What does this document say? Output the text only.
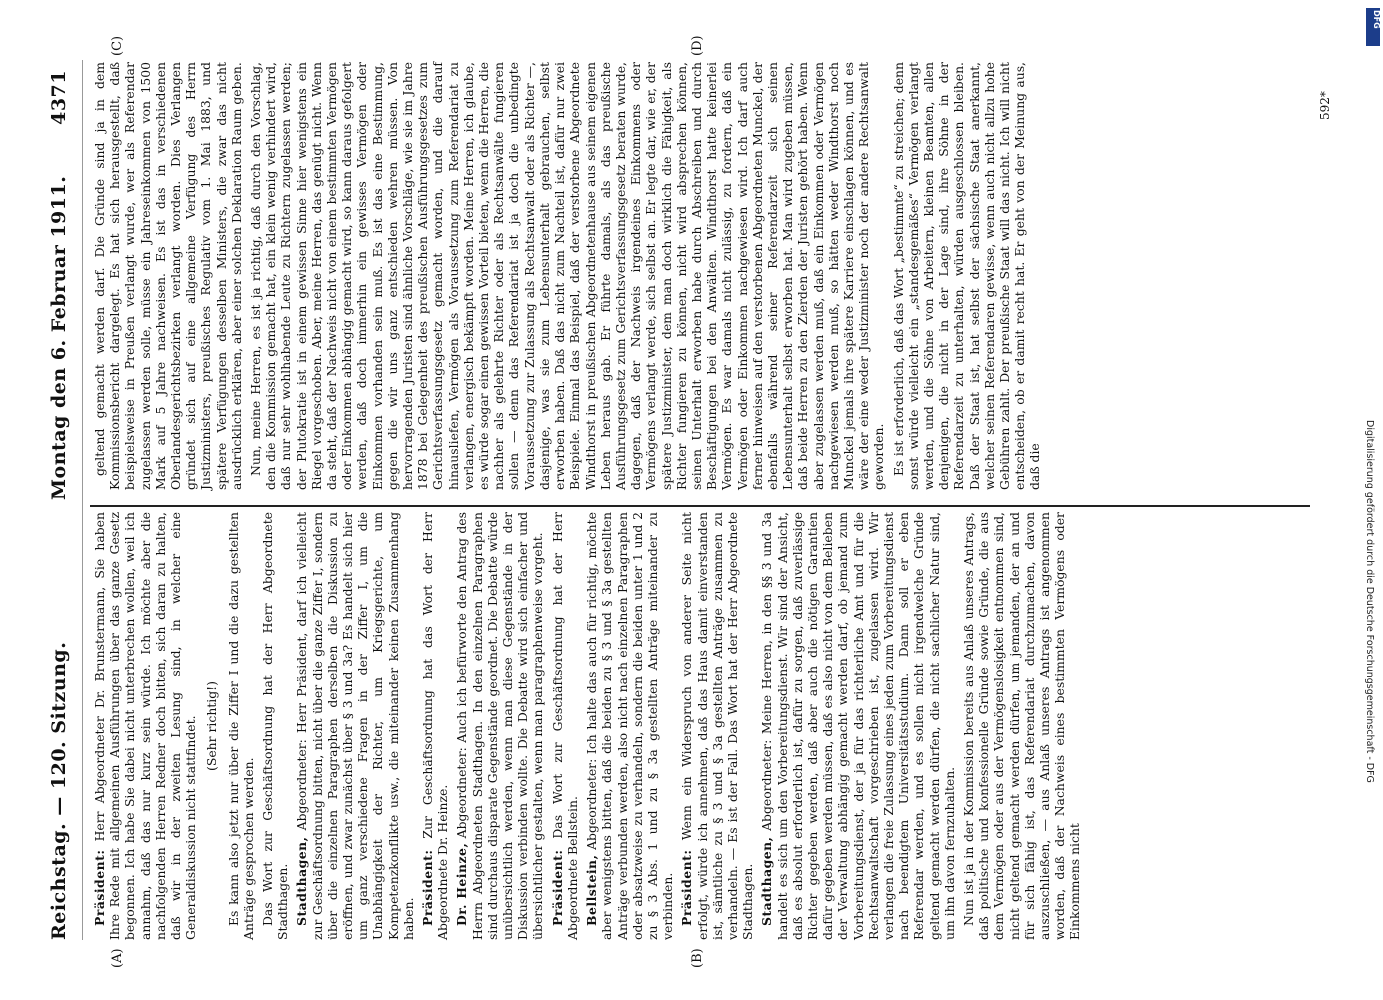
Reichstag. — 120. Sitzung.
Montag den 6. Februar 1911.
4371
(A)	(B)
(C)	(D)

Präsident: Herr Abgeordneter Dr. Brunstermann, Sie haben Ihre Rede mit allgemeinen Ausführungen über das ganze Gesetz begonnen. Ich habe Sie dabei nicht unterbrechen wollen, weil ich annahm, daß das nur kurz sein würde. Ich möchte aber die nachfolgenden Herren Redner doch bitten, sich daran zu halten, daß wir in der zweiten Lesung sind, in welcher eine Generaldiskussion nicht stattfindet. (Sehr richtig!) Es kann also jetzt nur über die Ziffer I und die dazu gestellten Anträge gesprochen werden. Das Wort zur Geschäftsordnung hat der Herr Abgeordnete Stadthagen. Stadthagen, Abgeordneter: Herr Präsident, darf ich vielleicht zur Geschäftsordnung bitten, nicht über die ganze Ziffer I, sondern über die einzelnen Paragraphen derselben die Diskussion zu eröffnen, und zwar zunächst über § 3 und 3a? Es handelt sich hier um ganz verschiedene Fragen in der Ziffer I, um die Unabhängigkeit der Richter, um Kriegsgerichte, um Kompetenzkonflikte usw., die miteinander keinen Zusammenhang haben. Präsident: Zur Geschäftsordnung hat das Wort der Herr Abgeordnete Dr. Heinze. Dr. Heinze, Abgeordneter: Auch ich befürworte den Antrag des Herrn Abgeordneten Stadthagen. In den einzelnen Paragraphen sind durchaus disparate Gegenstände geordnet. Die Debatte würde unübersichtlich werden, wenn man diese Gegenstände in der Diskussion verbinden wollte. Die Debatte wird sich einfacher und übersichtlicher gestalten, wenn man paragraphenweise vorgeht. Präsident: Das Wort zur Geschäftsordnung hat der Herr Abgeordnete Bellstein. Bellstein, Abgeordneter: Ich halte das auch für richtig, möchte aber wenigstens bitten, daß die beiden zu § 3 und § 3a gestellten Anträge verbunden werden, also nicht nach einzelnen Paragraphen oder absatzweise zu verhandeln, sondern die beiden unter 1 und 2 zu § 3 Abs. 1 und zu § 3a gestellten Anträge miteinander zu verbinden. Präsident: Wenn ein Widerspruch von anderer Seite nicht erfolgt, würde ich annehmen, daß das Haus damit einverstanden ist, sämtliche zu § 3 und § 3a gestellten Anträge zusammen zu verhandeln. — Es ist der Fall. Das Wort hat der Herr Abgeordnete Stadthagen. Stadthagen, Abgeordneter: Meine Herren, in den §§ 3 und 3a handelt es sich um den Vorbereitungsdienst. Wir sind der Ansicht, daß es absolut erforderlich ist, dafür zu sorgen, daß zuverlässige Richter gegeben werden, daß aber auch die nötigen Garantien dafür gegeben werden müssen, daß es also nicht von dem Belieben der Verwaltung abhängig gemacht werden darf, ob jemand zum Vorbereitungsdienst, der ja für das richterliche Amt und für die Rechtsanwaltschaft vorgeschrieben ist, zugelassen wird. Wir verlangen die freie Zulassung eines jeden zum Vorbereitungsdienst nach beendigtem Universitätsstudium. Dann soll er eben Referendar werden, und es sollen nicht irgendwelche Gründe geltend gemacht werden dürfen, die nicht sachlicher Natur sind, um ihn davon fernzuhalten. Nun ist ja in der Kommission bereits aus Anlaß unseres Antrags, daß politische und konfessionelle Gründe sowie Gründe, die aus dem Vermögen oder aus der Vermögenslosigkeit entnommen sind, nicht geltend gemacht werden dürfen, um jemanden, der an und für sich fähig ist, das Referendariat durchzumachen, davon auszuschließen, — aus Anlaß unseres Antrags ist angenommen worden, daß der Nachweis eines bestimmten Vermögens oder Einkommens nicht

geltend gemacht werden darf. Die Gründe sind ja in dem Kommissionsbericht dargelegt. Es hat sich herausgestellt, daß beispielsweise in Preußen verlangt wurde, wer als Referendar zugelassen werden solle, müsse ein Jahreseinkommen von 1500 Mark auf 5 Jahre nachweisen. Es ist das in verschiedenen Oberlandesgerichtsbezirken verlangt worden. Dies Verlangen gründet sich auf eine allgemeine Verfügung des Herrn Justizministers, preußisches Regulativ vom 1. Mai 1883, und spätere Verfügungen desselben Ministers, die zwar das nicht ausdrücklich erklären, aber einer solchen Deklaration Raum geben. Nun, meine Herren, es ist ja richtig, daß durch den Vorschlag, den die Kommission gemacht hat, ein klein wenig verhindert wird, daß nur sehr wohlhabende Leute zu Richtern zugelassen werden; der Plutokratie ist in einem gewissen Sinne hier wenigstens ein Riegel vorgeschoben. Aber, meine Herren, das genügt nicht. Wenn da steht, daß der Nachweis nicht von einem bestimmten Vermögen oder Einkommen abhängig gemacht wird, so kann daraus gefolgert werden, daß doch immerhin ein gewisses Vermögen oder Einkommen vorhanden sein muß. Es ist das eine Bestimmung, gegen die wir uns ganz entschieden wehren müssen. Von hervorragenden Juristen sind ähnliche Vorschläge, wie sie im Jahre 1878 bei Gelegenheit des preußischen Ausführungsgesetzes zum Gerichtsverfassungsgesetz gemacht worden, und die darauf hinausliefen, Vermögen als Voraussetzung zum Referendariat zu verlangen, energisch bekämpft worden. Meine Herren, ich glaube, es würde sogar einen gewissen Vorteil bieten, wenn die Herren, die nachher als gelehrte Richter oder als Rechtsanwälte fungieren sollen — denn das Referendariat ist ja doch die unbedingte Voraussetzung zur Zulassung als Rechtsanwalt oder als Richter —, dasjenige, was sie zum Lebensunterhalt gebrauchen, selbst erworben haben. Daß das nicht zum Nachteil ist, dafür nur zwei Beispiele. Einmal das Beispiel, daß der verstorbene Abgeordnete Windthorst in preußischen Abgeordnetenhause aus seinem eigenen Leben heraus gab. Er führte damals, als das preußische Ausführungsgesetz zum Gerichtsverfassungsgesetz beraten wurde, dagegen, daß der Nachweis irgendeines Einkommens oder Vermögens verlangt werde, sich selbst an. Er legte dar, wie er, der spätere Justizminister, dem man doch wirklich die Fähigkeit, als Richter fungieren zu können, nicht wird absprechen können, seinen Unterhalt erworben habe durch Abschreiben und durch Beschäftigungen bei den Anwälten. Windthorst hatte keinerlei Vermögen. Es war damals nicht zulässig, zu fordern, daß ein Vermögen oder Einkommen nachgewiesen wird. Ich darf auch ferner hinweisen auf den verstorbenen Abgeordneten Munckel, der ebenfalls während seiner Referendarzeit sich seinen Lebensunterhalt selbst erworben hat. Man wird zugeben müssen, daß beide Herren zu den Zierden der Juristen gehört haben. Wenn aber zugelassen werden muß, daß ein Einkommen oder Vermögen nachgewiesen werden muß, so hätten weder Windthorst noch Munckel jemals ihre spätere Karriere einschlagen können, und es wäre der eine weder Justizminister noch der andere Rechtsanwalt geworden. Es ist erforderlich, daß das Wort „bestimmte“ zu streichen; denn sonst würde vielleicht ein „standesgemäßes“ Vermögen verlangt werden, und die Söhne von Arbeitern, kleinen Beamten, allen denjenigen, die nicht in der Lage sind, ihre Söhne in der Referendarzeit zu unterhalten, würden ausgeschlossen bleiben. Daß der Staat ist, hat selbst der sächsische Staat anerkannt, welcher seinen Referendaren gewisse, wenn auch nicht allzu hohe Gebühren zahlt. Der preußische Staat will das nicht. Ich will nicht entscheiden, ob er damit recht hat. Er geht von der Meinung aus, daß die

592*
Digitalisierung gefördert durch die Deutsche Forschungsgemeinschaft - DFG
DFG
